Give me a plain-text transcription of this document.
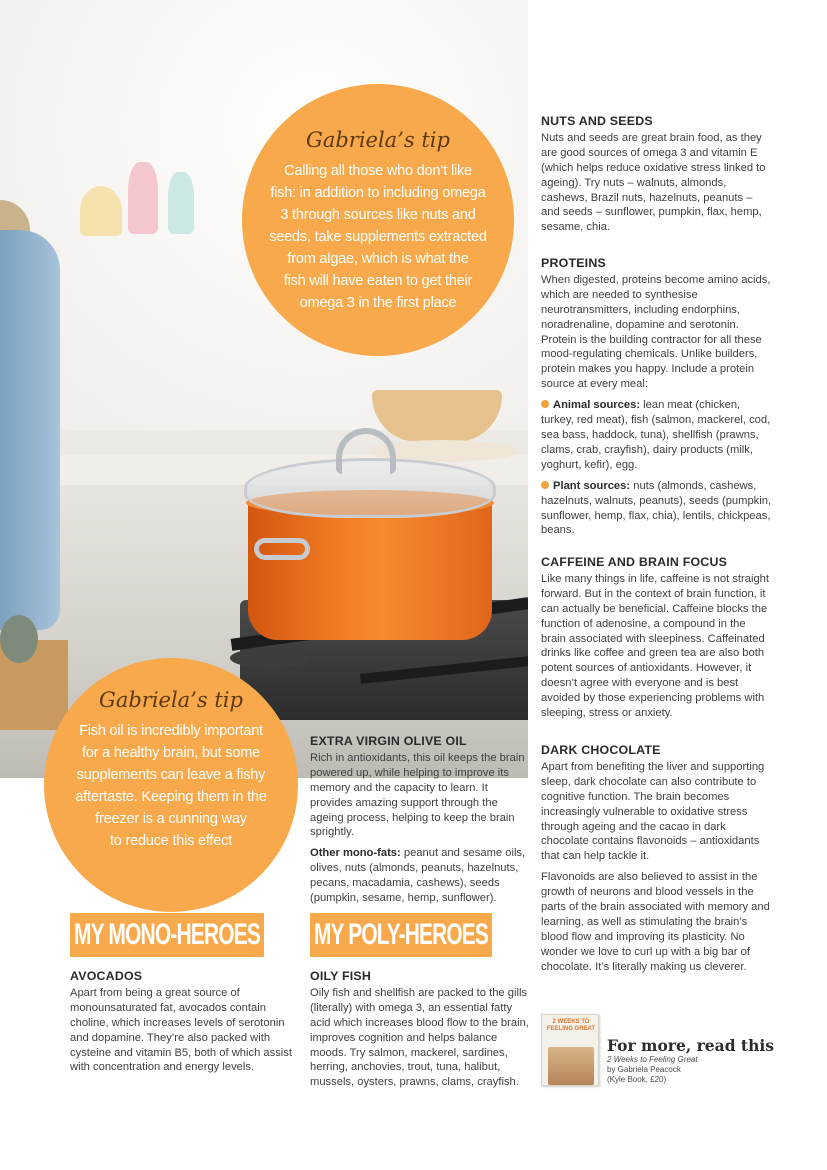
Gabriela’s tip
Calling all those who don’t like
fish: in addition to including omega
3 through sources like nuts and
seeds, take supplements extracted
from algae, which is what the
fish will have eaten to get their
omega 3 in the first place
Gabriela’s tip
Fish oil is incredibly important
for a healthy brain, but some
supplements can leave a fishy
aftertaste. Keeping them in the
freezer is a cunning way
to reduce this effect
NUTS AND SEEDS

Nuts and seeds are great brain food, as they are good sources of omega 3 and vitamin E (which helps reduce oxidative stress linked to ageing). Try nuts – walnuts, almonds, cashews, Brazil nuts, hazelnuts, peanuts – and seeds – sunflower, pumpkin, flax, hemp, sesame, chia.

PROTEINS

When digested, proteins become amino acids, which are needed to synthesise neurotransmitters, including endorphins, noradrenaline, dopamine and serotonin. Protein is the building contractor for all these mood-regulating chemicals. Unlike builders, protein makes you happy. Include a protein source at every meal:

Animal sources: lean meat (chicken, turkey, red meat), fish (salmon, mackerel, cod, sea bass, haddock, tuna), shellfish (prawns, clams, crab, crayfish), dairy products (milk, yoghurt, kefir), egg.

Plant sources: nuts (almonds, cashews, hazelnuts, walnuts, peanuts), seeds (pumpkin, sunflower, hemp, flax, chia), lentils, chickpeas, beans.

CAFFEINE AND BRAIN FOCUS

Like many things in life, caffeine is not straight forward. But in the context of brain function, it can actually be beneficial. Caffeine blocks the function of adenosine, a compound in the brain associated with sleepiness. Caffeinated drinks like coffee and green tea are also both potent sources of antioxidants. However, it doesn’t agree with everyone and is best avoided by those experiencing problems with sleeping, stress or anxiety.

DARK CHOCOLATE

Apart from benefiting the liver and supporting sleep, dark chocolate can also contribute to cognitive function. The brain becomes increasingly vulnerable to oxidative stress through ageing and the cacao in dark chocolate contains flavonoids – antioxidants that can help tackle it.

Flavonoids are also believed to assist in the growth of neurons and blood vessels in the parts of the brain associated with memory and learning, as well as stimulating the brain’s blood flow and improving its plasticity. No wonder we love to curl up with a big bar of chocolate. It’s literally making us cleverer.

EXTRA VIRGIN OLIVE OIL

Rich in antioxidants, this oil keeps the brain powered up, while helping to improve its memory and the capacity to learn. It provides amazing support through the ageing process, helping to keep the brain sprightly.

Other mono-fats: peanut and sesame oils, olives, nuts (almonds, peanuts, hazelnuts, pecans, macadamia, cashews), seeds (pumpkin, sesame, hemp, sunflower).

MY MONO-HEROES MY POLY-HEROES
AVOCADOS

Apart from being a great source of monounsaturated fat, avocados contain choline, which increases levels of serotonin and dopamine. They’re also packed with cysteine and vitamin B5, both of which assist with concentration and energy levels.

OILY FISH

Oily fish and shellfish are packed to the gills (literally) with omega 3, an essential fatty acid which increases blood flow to the brain, improves cognition and helps balance moods. Try salmon, mackerel, sardines, herring, anchovies, trout, tuna, halibut, mussels, oysters, prawns, clams, crayfish.

2 WEEKS TO FEELING GREAT
For more, read this
2 Weeks to Feeling Great
by Gabriela Peacock
(Kyle Book, £20)
